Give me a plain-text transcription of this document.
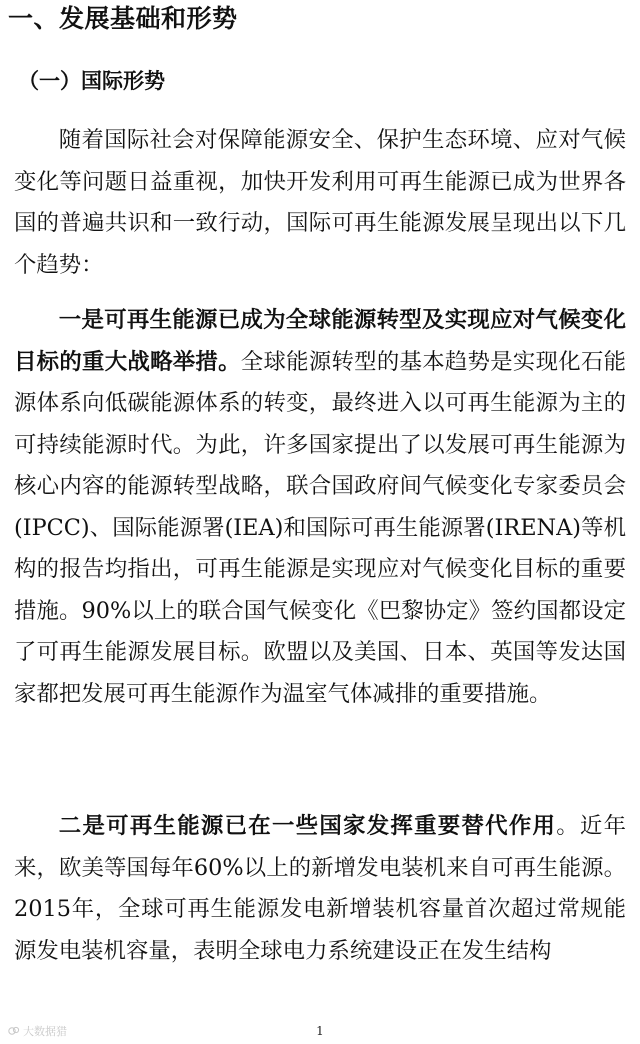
一、发展基础和形势
（一）国际形势

随着国际社会对保障能源安全、保护生态环境、应对气候变化等问题日益重视，加快开发利用可再生能源已成为世界各国的普遍共识和一致行动，国际可再生能源发展呈现出以下几个趋势：

一是可再生能源已成为全球能源转型及实现应对气候变化目标的重大战略举措。全球能源转型的基本趋势是实现化石能源体系向低碳能源体系的转变，最终进入以可再生能源为主的可持续能源时代。为此，许多国家提出了以发展可再生能源为核心内容的能源转型战略，联合国政府间气候变化专家委员会(IPCC)、国际能源署(IEA)和国际可再生能源署(IRENA)等机构的报告均指出，可再生能源是实现应对气候变化目标的重要措施。90%以上的联合国气候变化《巴黎协定》签约国都设定了可再生能源发展目标。欧盟以及美国、日本、英国等发达国家都把发展可再生能源作为温室气体减排的重要措施。

二是可再生能源已在一些国家发挥重要替代作用。近年来，欧美等国每年60%以上的新增发电装机来自可再生能源。2015年，全球可再生能源发电新增装机容量首次超过常规能源发电装机容量，表明全球电力系统建设正在发生结构

大数据猎	1
